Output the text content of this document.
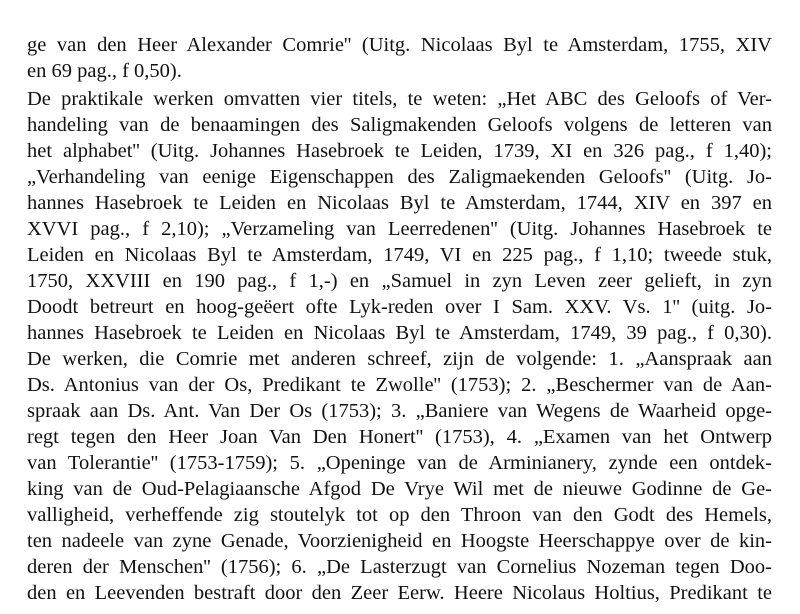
ge van den Heer Alexander Comrie'' (Uitg. Nicolaas Byl te Amsterdam, 1755, XIV
en 69 pag., f 0,50).
De praktikale werken omvatten vier titels, te weten: „Het ABC des Geloofs of Ver-
handeling van de benaamingen des Saligmakenden Geloofs volgens de letteren van
het alphabet'' (Uitg. Johannes Hasebroek te Leiden, 1739, XI en 326 pag., f 1,40);
„Verhandeling van eenige Eigenschappen des Zaligmaekenden Geloofs'' (Uitg. Jo-
hannes Hasebroek te Leiden en Nicolaas Byl te Amsterdam, 1744, XIV en 397 en
XVVI pag., f 2,10); „Verzameling van Leerredenen'' (Uitg. Johannes Hasebroek te
Leiden en Nicolaas Byl te Amsterdam, 1749, VI en 225 pag., f 1,10; tweede stuk,
1750, XXVIII en 190 pag., f 1,-) en „Samuel in zyn Leven zeer gelieft, in zyn
Doodt betreurt en hoog-geëert ofte Lyk-reden over I Sam. XXV. Vs. 1'' (uitg. Jo-
hannes Hasebroek te Leiden en Nicolaas Byl te Amsterdam, 1749, 39 pag., f 0,30).
De werken, die Comrie met anderen schreef, zijn de volgende: 1. „Aanspraak aan
Ds. Antonius van der Os, Predikant te Zwolle'' (1753); 2. „Beschermer van de Aan-
spraak aan Ds. Ant. Van Der Os (1753); 3. „Baniere van Wegens de Waarheid opge-
regt tegen den Heer Joan Van Den Honert'' (1753), 4. „Examen van het Ontwerp
van Tolerantie'' (1753-1759); 5. „Openinge van de Arminianery, zynde een ontdek-
king van de Oud-Pelagiaansche Afgod De Vrye Wil met de nieuwe Godinne de Ge-
valligheid, verheffende zig stoutelyk tot op den Throon van den Godt des Hemels,
ten nadeele van zyne Genade, Voorzienigheid en Hoogste Heerschappye over de kin-
deren der Menschen'' (1756); 6. „De Lasterzugt van Cornelius Nozeman tegen Doo-
den en Leevenden bestraft door den Zeer Eerw. Heere Nicolaus Holtius, Predikant te
